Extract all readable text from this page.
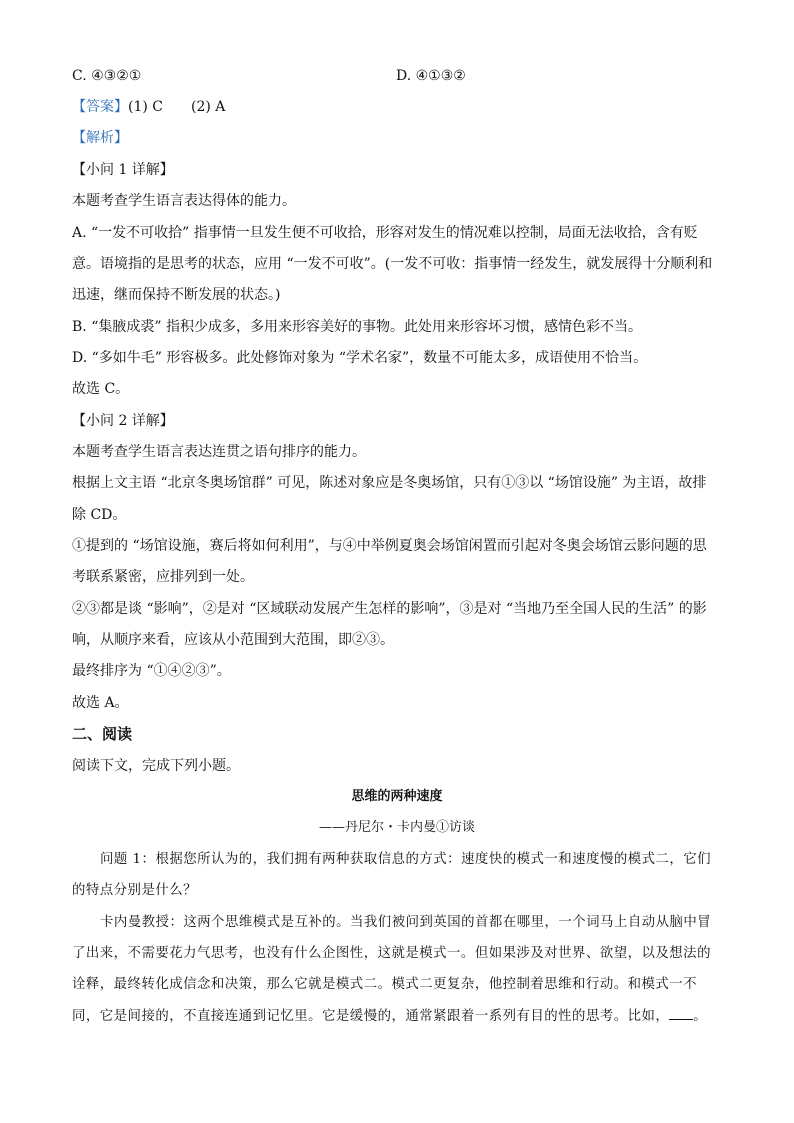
C. ④③②①	D. ④①③②
【答案】(1) C　　(2) A
【解析】
【小问 1 详解】
本题考查学生语言表达得体的能力。
A. “一发不可收拾” 指事情一旦发生便不可收拾，形容对发生的情况难以控制，局面无法收拾，含有贬
意。语境指的是思考的状态，应用 “一发不可收”。(一发不可收：指事情一经发生，就发展得十分顺利和
迅速，继而保持不断发展的状态。)
B. “集腋成裘” 指积少成多，多用来形容美好的事物。此处用来形容坏习惯，感情色彩不当。
D. “多如牛毛” 形容极多。此处修饰对象为 “学术名家”，数量不可能太多，成语使用不恰当。
故选 C。
【小问 2 详解】
本题考查学生语言表达连贯之语句排序的能力。
根据上文主语 “北京冬奥场馆群” 可见，陈述对象应是冬奥场馆，只有①③以 “场馆设施” 为主语，故排
除 CD。
①提到的 “场馆设施，赛后将如何利用”，与④中举例夏奥会场馆闲置而引起对冬奥会场馆云影问题的思
考联系紧密，应排列到一处。
②③都是谈 “影响”，②是对 “区域联动发展产生怎样的影响”，③是对 “当地乃至全国人民的生活” 的影
响，从顺序来看，应该从小范围到大范围，即②③。
最终排序为 “①④②③”。
故选 A。
二、阅读
阅读下文，完成下列小题。
思维的两种速度
——丹尼尔・卡内曼①访谈
问题 1：根据您所认为的，我们拥有两种获取信息的方式：速度快的模式一和速度慢的模式二，它们
的特点分别是什么？
卡内曼教授：这两个思维模式是互补的。当我们被问到英国的首都在哪里，一个词马上自动从脑中冒
了出来，不需要花力气思考，也没有什么企图性，这就是模式一。但如果涉及对世界、欲望，以及想法的
诠释，最终转化成信念和决策，那么它就是模式二。模式二更复杂，他控制着思维和行动。和模式一不
同，它是间接的，不直接连通到记忆里。它是缓慢的，通常紧跟着一系列有目的性的思考。比如， 。
